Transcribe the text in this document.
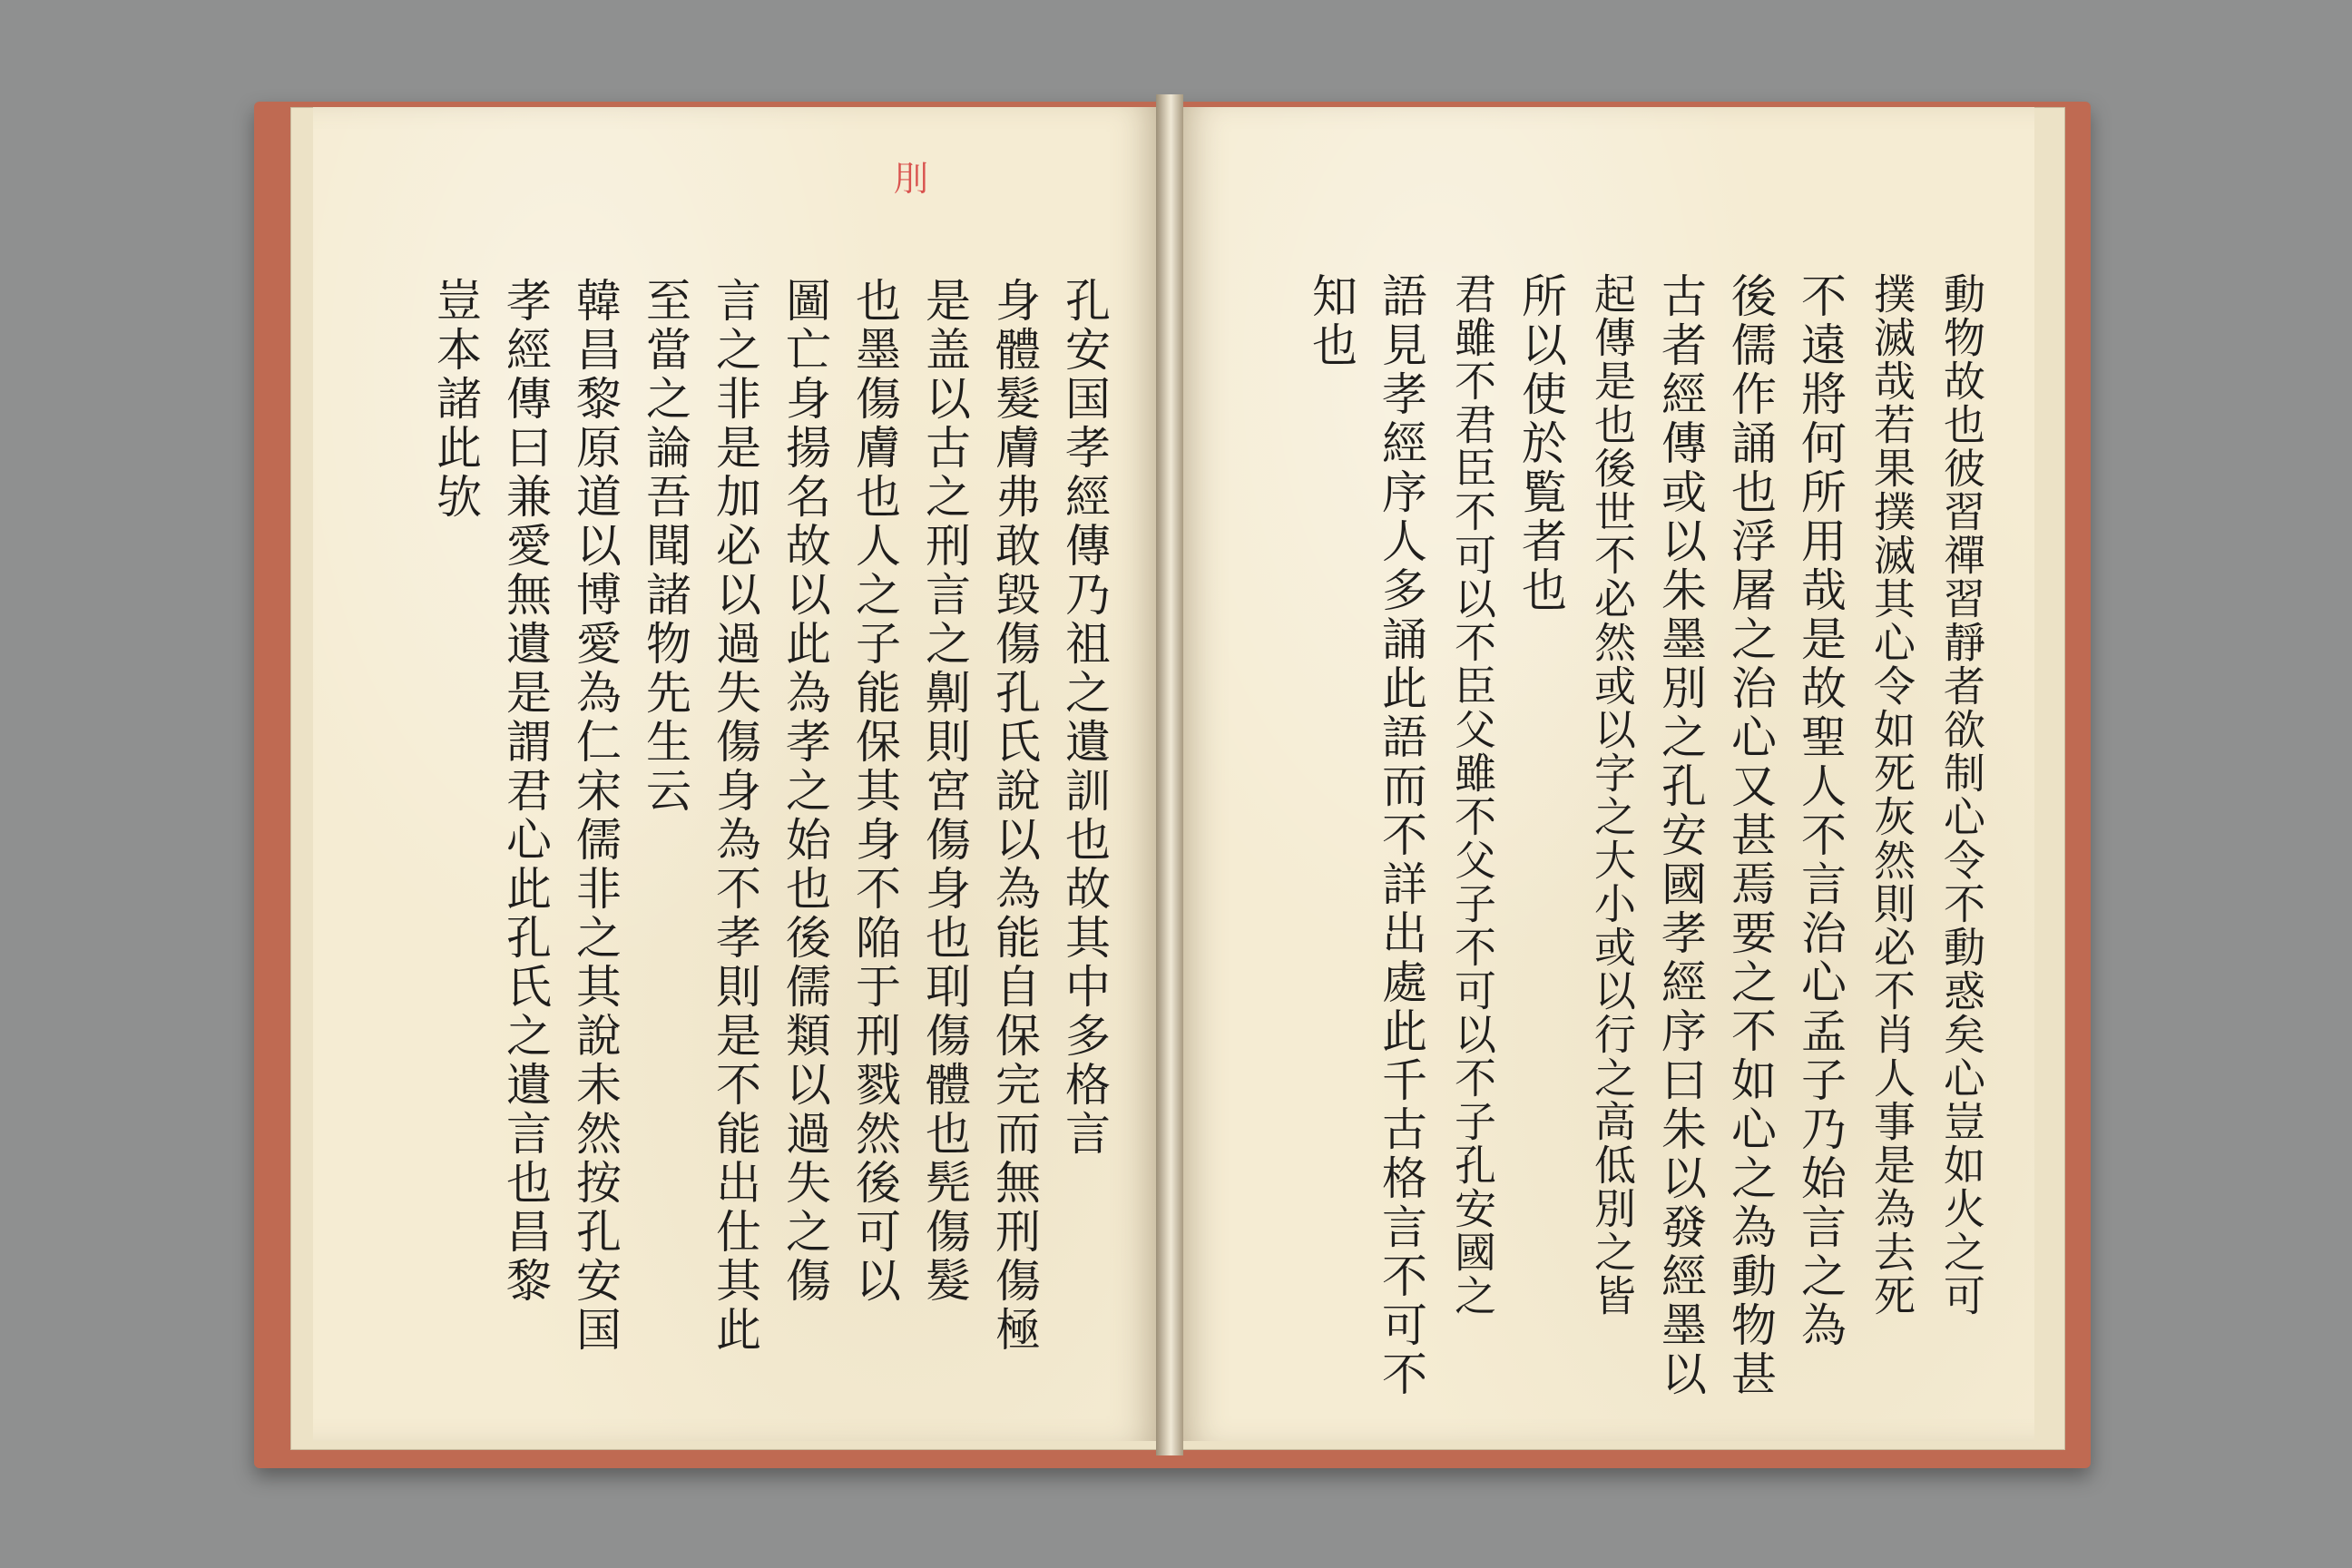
刖
孔安国孝經傳乃祖之遺訓也故其中多格言
身體髮膚弗敢毀傷孔氏說以為能自保完而無刑傷極
是盖以古之刑言之劓則宮傷身也刵傷體也髡傷髮
也墨傷膚也人之子能保其身不陥于刑戮然後可以
圖亡身揚名故以此為孝之始也後儒類以過失之傷
言之非是加必以過失傷身為不孝則是不能出仕其此
至當之論吾聞諸物先生云
韓昌黎原道以博愛為仁宋儒非之其說未然按孔安国
孝經傳曰兼愛無遺是謂君心此孔氏之遺言也昌黎
豈本諸此欤	動物故也彼習禪習靜者欲制心令不動惑矣心豈如火之可
撲滅哉若果撲滅其心令如死灰然則必不肖人事是為去死
不遠將何所用哉是故聖人不言治心孟子乃始言之為
後儒作誦也浮屠之治心又甚焉要之不如心之為動物甚
古者經傳或以朱墨別之孔安國孝經序曰朱以發經墨以
起傳是也後世不必然或以字之大小或以行之高低別之皆
所以使於覧者也
君雖不君臣不可以不臣父雖不父子不可以不子孔安國之
語見孝經序人多誦此語而不詳出處此千古格言不可不
知也
